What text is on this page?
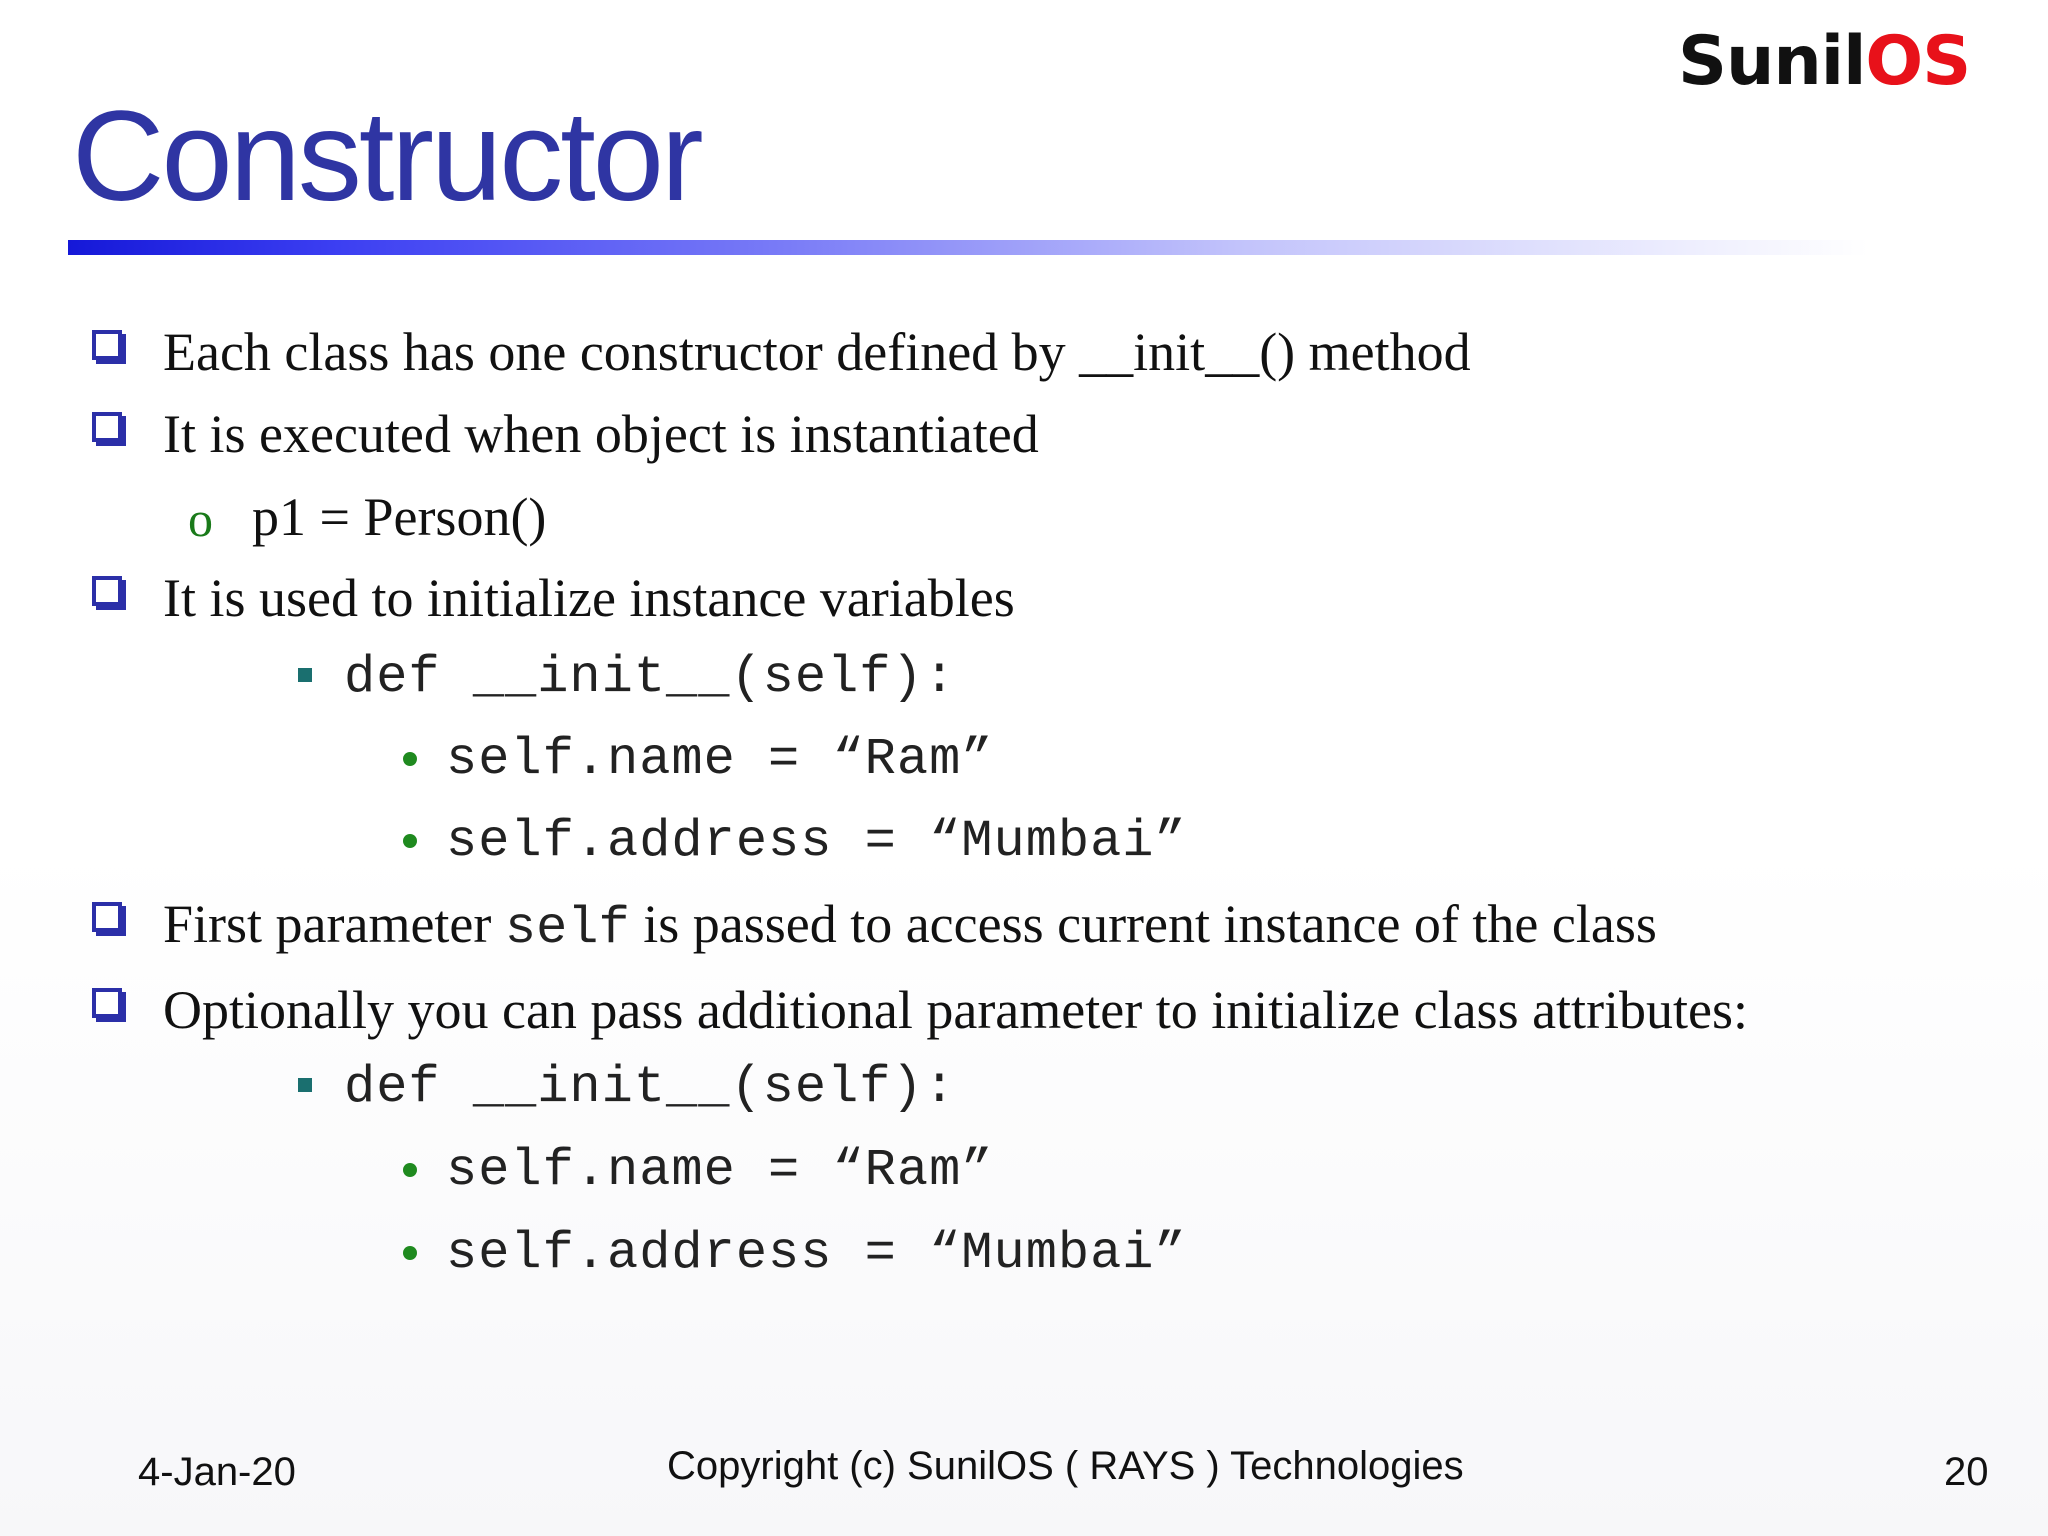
SunilOS
Constructor
Each class has one constructor defined by __init__() method
It is executed when object is instantiated
o p1 = Person()
It is used to initialize instance variables
def __init__(self):
self.name = “Ram”
self.address = “Mumbai”
First parameter self is passed to access current instance of the class
Optionally you can pass additional parameter to initialize class attributes:
def __init__(self):
self.name = “Ram”
self.address = “Mumbai”
4-Jan-20	Copyright (c) SunilOS ( RAYS ) Technologies	20
